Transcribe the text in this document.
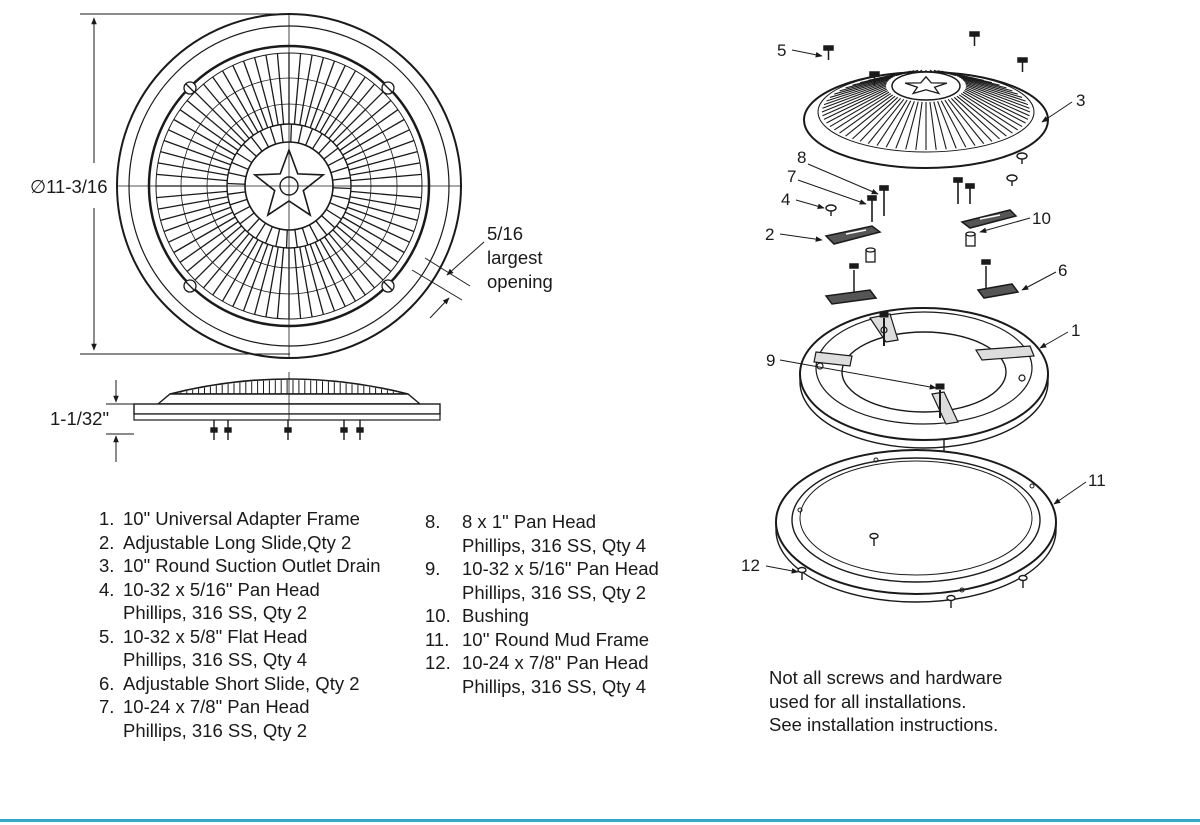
∅11-3/16
5/16
largest
opening
1-1/32"
5
3
8
7
4
2
10
6
1
9
11
12
1. 10" Universal Adapter Frame
2. Adjustable Long Slide,Qty 2
3. 10" Round Suction Outlet Drain
4. 10-32 x 5/16" Pan Head
Phillips, 316 SS, Qty 2
5. 10-32 x 5/8" Flat Head
Phillips, 316 SS, Qty 4
6. Adjustable Short Slide, Qty 2
7. 10-24 x 7/8" Pan Head
Phillips, 316 SS, Qty 2
8.	8 x 1" Pan Head
Phillips, 316 SS, Qty 4
9.	10-32 x 5/16" Pan Head
Phillips, 316 SS, Qty 2
10. Bushing
11. 10'' Round Mud Frame
12. 10-24 x 7/8" Pan Head
Phillips, 316 SS, Qty 4	Not all screws and hardware
used for all installations.
See installation instructions.
